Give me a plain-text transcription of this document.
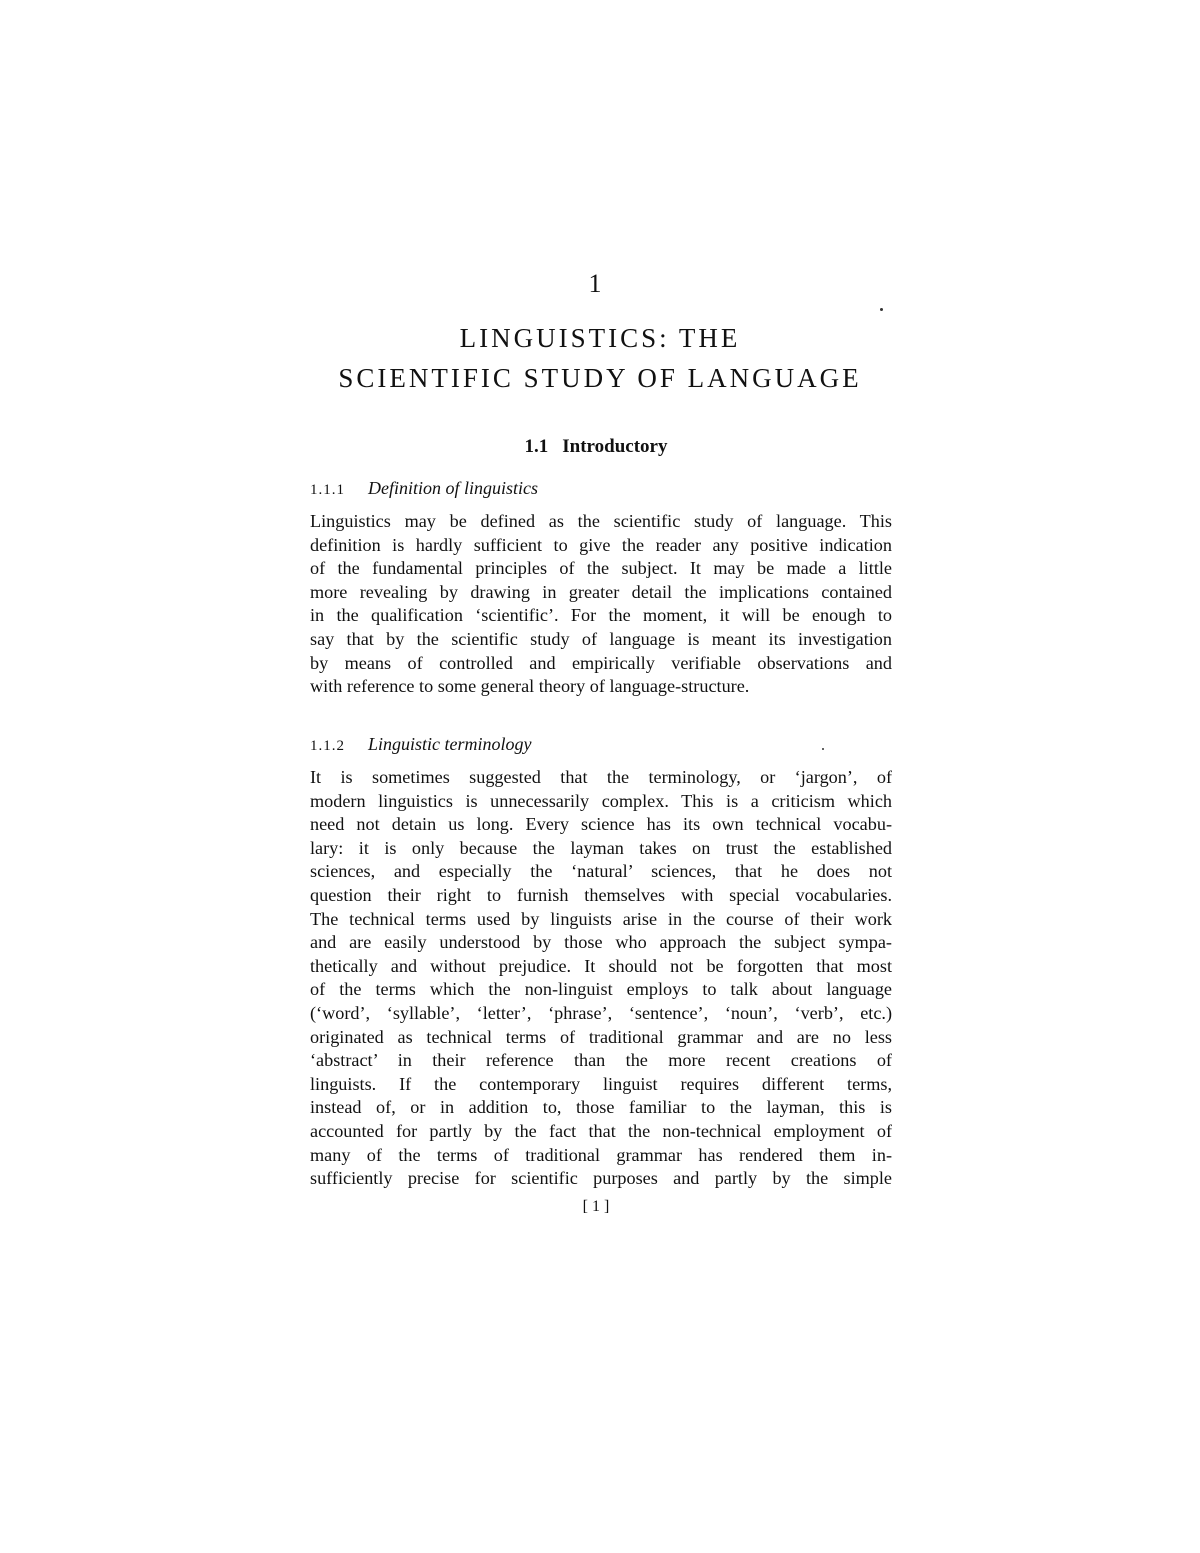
1
LINGUISTICS: THE
SCIENTIFIC STUDY OF LANGUAGE
1.1 Introductory
1.1.1 Definition of linguistics
Linguistics may be defined as the scientific study of language. This
definition is hardly sufficient to give the reader any positive indication
of the fundamental principles of the subject. It may be made a little
more revealing by drawing in greater detail the implications contained
in the qualification ‘scientific’. For the moment, it will be enough to
say that by the scientific study of language is meant its investigation
by means of controlled and empirically verifiable observations and
with reference to some general theory of language-structure.
1.1.2 Linguistic terminology
It is sometimes suggested that the terminology, or ‘jargon’, of
modern linguistics is unnecessarily complex. This is a criticism which
need not detain us long. Every science has its own technical vocabu-
lary: it is only because the layman takes on trust the established
sciences, and especially the ‘natural’ sciences, that he does not
question their right to furnish themselves with special vocabularies.
The technical terms used by linguists arise in the course of their work
and are easily understood by those who approach the subject sympa-
thetically and without prejudice. It should not be forgotten that most
of the terms which the non-linguist employs to talk about language
(‘word’, ‘syllable’, ‘letter’, ‘phrase’, ‘sentence’, ‘noun’, ‘verb’, etc.)
originated as technical terms of traditional grammar and are no less
‘abstract’ in their reference than the more recent creations of
linguists. If the contemporary linguist requires different terms,
instead of, or in addition to, those familiar to the layman, this is
accounted for partly by the fact that the non-technical employment of
many of the terms of traditional grammar has rendered them in-
sufficiently precise for scientific purposes and partly by the simple
[ 1 ]
